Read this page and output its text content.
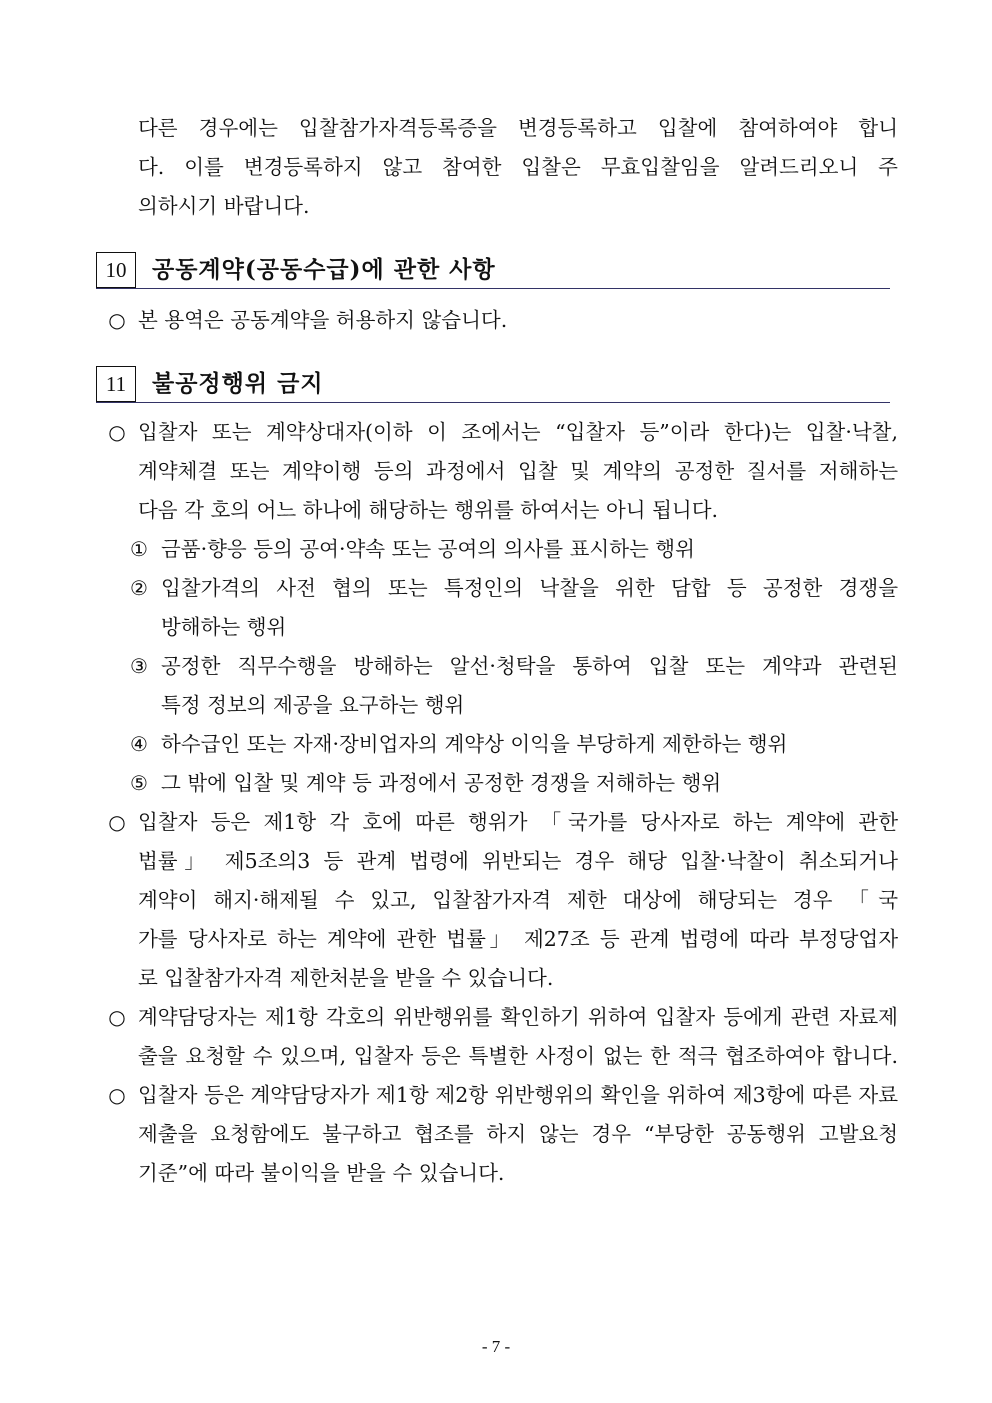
다른 경우에는 입찰참가자격등록증을 변경등록하고 입찰에 참여하여야 합니
다. 이를 변경등록하지 않고 참여한 입찰은 무효입찰임을 알려드리오니 주
의하시기 바랍니다.
10	공동계약(공동수급)에 관한 사항
○ 본 용역은 공동계약을 허용하지 않습니다.
11	불공정행위 금지
○ 입찰자 또는 계약상대자(이하 이 조에서는 “입찰자 등”이라 한다)는 입찰·낙찰,
계약체결 또는 계약이행 등의 과정에서 입찰 및 계약의 공정한 질서를 저해하는
다음 각 호의 어느 하나에 해당하는 행위를 하여서는 아니 됩니다.
① 금품·향응 등의 공여·약속 또는 공여의 의사를 표시하는 행위
② 입찰가격의 사전 협의 또는 특정인의 낙찰을 위한 담합 등 공정한 경쟁을
방해하는 행위
③ 공정한 직무수행을 방해하는 알선·청탁을 통하여 입찰 또는 계약과 관련된
특정 정보의 제공을 요구하는 행위
④ 하수급인 또는 자재·장비업자의 계약상 이익을 부당하게 제한하는 행위
⑤ 그 밖에 입찰 및 계약 등 과정에서 공정한 경쟁을 저해하는 행위
○ 입찰자 등은 제1항 각 호에 따른 행위가 「국가를 당사자로 하는 계약에 관한
법률」 제5조의3 등 관계 법령에 위반되는 경우 해당 입찰·낙찰이 취소되거나
계약이 해지·해제될 수 있고, 입찰참가자격 제한 대상에 해당되는 경우 「국
가를 당사자로 하는 계약에 관한 법률」 제27조 등 관계 법령에 따라 부정당업자
로 입찰참가자격 제한처분을 받을 수 있습니다.
○ 계약담당자는 제1항 각호의 위반행위를 확인하기 위하여 입찰자 등에게 관련 자료제
출을 요청할 수 있으며, 입찰자 등은 특별한 사정이 없는 한 적극 협조하여야 합니다.
○ 입찰자 등은 계약담당자가 제1항 제2항 위반행위의 확인을 위하여 제3항에 따른 자료
제출을 요청함에도 불구하고 협조를 하지 않는 경우 “부당한 공동행위 고발요청
기준”에 따라 불이익을 받을 수 있습니다.
- 7 -
